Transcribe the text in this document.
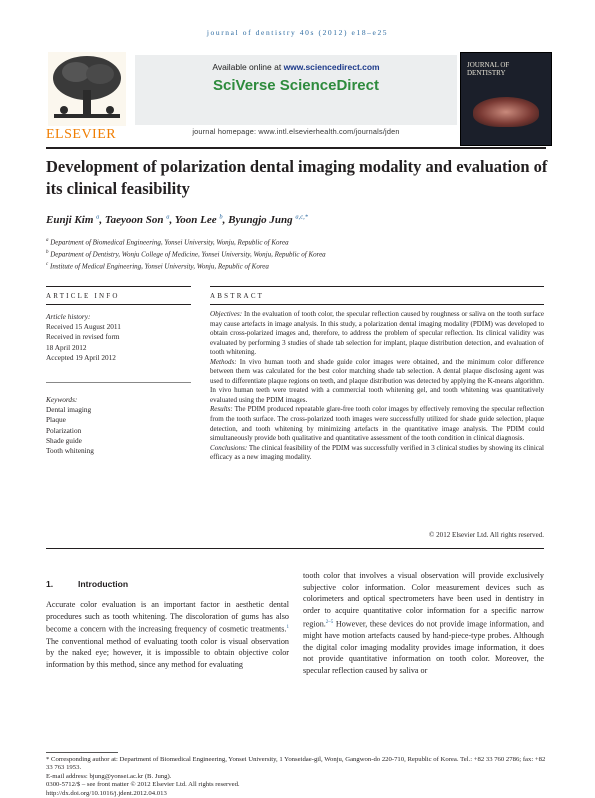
journal of dentistry 40s (2012) e18–e25
ELSEVIER
Available online at www.sciencedirect.com
SciVerse ScienceDirect
journal homepage: www.intl.elsevierhealth.com/journals/jden
JOURNAL OF DENTISTRY
Development of polarization dental imaging modality and evaluation of its clinical feasibility
Eunji Kim $^a$, Taeyoon Son $^a$, Yoon Lee $^b$, Byungjo Jung $^{a,c,*}$
$^a$ Department of Biomedical Engineering, Yonsei University, Wonju, Republic of Korea
$^b$ Department of Dentistry, Wonju College of Medicine, Yonsei University, Wonju, Republic of Korea
$^c$ Institute of Medical Engineering, Yonsei University, Wonju, Republic of Korea
ARTICLE INFO
Article history:
Received 15 August 2011
Received in revised form
18 April 2012
Accepted 19 April 2012
Keywords:
Dental imaging
Plaque
Polarization
Shade guide
Tooth whitening
ABSTRACT

Objectives: In the evaluation of tooth color, the specular reflection caused by roughness or saliva on the tooth surface may cause artefacts in image analysis. In this study, a polarization dental imaging modality (PDIM) was developed to obtain cross-polarized images and, therefore, to address the problem of specular reflection. Its clinical validity was evaluated by performing 3 studies of shade tab selection for implant, plaque distribution detection, and evaluation of tooth whitening.

Methods: In vivo human tooth and shade guide color images were obtained, and the minimum color difference between them was calculated for the best color matching shade tab selection. A dental plaque disclosing agent was used to differentiate plaque regions on teeth, and plaque distribution was detected by applying the K-means algorithm. In vivo human teeth were treated with a commercial tooth whitening gel, and tooth whitening was quantitatively evaluated using the PDIM images.

Results: The PDIM produced repeatable glare-free tooth color images by effectively removing the specular reflection from the tooth surface. The cross-polarized tooth images were successfully utilized for shade guide selection, plaque detection, and tooth whitening by minimizing artefacts in the quantitative image analysis. The PDIM could simultaneously provide both qualitative and quantitative assessment of the tooth condition in clinical diagnosis.

Conclusions: The clinical feasibility of the PDIM was successfully verified in 3 clinical studies by showing its clinical efficacy as a new imaging modality.

© 2012 Elsevier Ltd. All rights reserved.
1.	Introduction

Accurate color evaluation is an important factor in aesthetic dental procedures such as tooth whitening. The discoloration of gums has also become a concern with the increasing frequency of cosmetic treatments.$^1$ The conventional method of evaluating tooth color is visual observation by the naked eye; however, it is impossible to obtain objective color information by this method, since any method for evaluating

tooth color that involves a visual observation will provide exclusively subjective color information. Color measurement devices such as colorimeters and optical spectrometers have been used in dentistry in order to acquire quantitative color information for a specific narrow region.$^{2-5}$ However, these devices do not provide image information, and might have motion artefacts caused by hand-piece-type probes. Although the digital color imaging modality provides image information, it does not provide quantitative information on tooth color. Moreover, the specular reflection caused by saliva or

* Corresponding author at: Department of Biomedical Engineering, Yonsei University, 1 Yonseidae-gil, Wonju, Gangwon-do 220-710, Republic of Korea. Tel.: +82 33 760 2786; fax: +82 33 763 1953.

E-mail address: bjung@yonsei.ac.kr (B. Jung).

0300-5712/$ – see front matter © 2012 Elsevier Ltd. All rights reserved.

http://dx.doi.org/10.1016/j.jdent.2012.04.013
